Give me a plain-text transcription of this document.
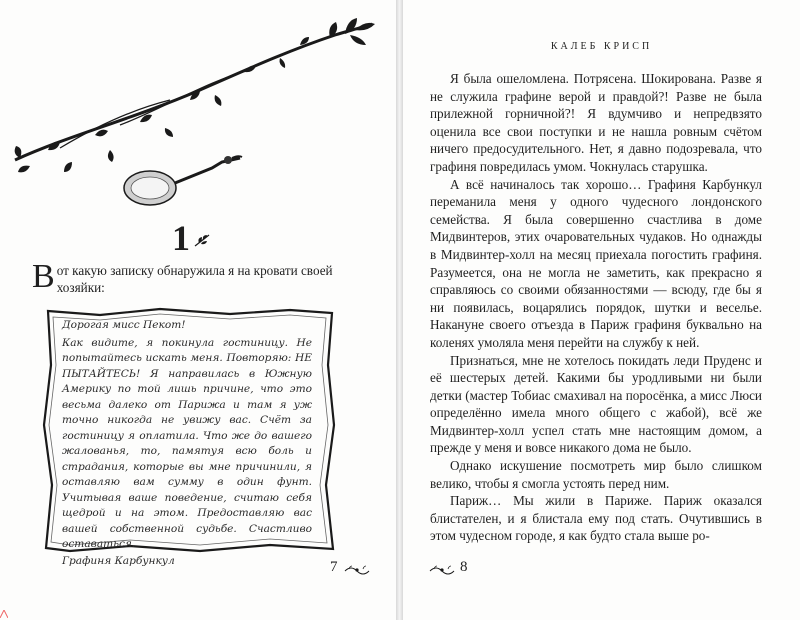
1
Вот какую записку обнаружила я на кровати своей хозяйки:

Дорогая мисс Пекот!

Как видите, я покинула гостиницу. Не попытайтесь искать меня. Повторяю: НЕ ПЫТАЙТЕСЬ! Я направилась в Южную Америку по той лишь причине, что это весьма далеко от Парижа и там я уж точно никогда не увижу вас. Счёт за гостиницу я оплатила. Что же до вашего жалованья, то, памятуя всю боль и страдания, которые вы мне причинили, я оставляю вам сумму в один фунт. Учитывая ваше поведение, считаю себя щедрой и на этом. Предоставляю вас вашей собственной судьбе. Счастливо оставаться.

Графиня Карбункул	7
КАЛЕБ КРИСП

Я была ошеломлена. Потрясена. Шокирована. Разве я не служила графине верой и правдой?! Разве не была прилежной горничной?! Я вдумчиво и непредвзято оценила все свои поступки и не нашла ровным счётом ничего предосудительного. Нет, я давно подозревала, что графиня повредилась умом. Чокнулась старушка.

А всё начиналось так хорошо… Графиня Карбункул переманила меня у одного чудесного лондонского семейства. Я была совершенно счастлива в доме Мидвинтеров, этих очаровательных чудаков. Но однажды в Мидвинтер-холл на месяц приехала погостить графиня. Разумеется, она не могла не заметить, как прекрасно я справляюсь со своими обязанностями — всюду, где бы я ни появилась, воцарялись порядок, шутки и веселье. Накануне своего отъезда в Париж графиня буквально на коленях умоляла меня перейти на службу к ней.

Признаться, мне не хотелось покидать леди Пруденс и её шестерых детей. Какими бы уродливыми ни были детки (мастер Тобиас смахивал на поросёнка, а мисс Люси определённо имела много общего с жабой), всё же Мидвинтер-холл успел стать мне настоящим домом, а прежде у меня и вовсе никакого дома не было.

Однако искушение посмотреть мир было слишком велико, чтобы я смогла устоять перед ним.

Париж… Мы жили в Париже. Париж оказался блистателен, и я блистала ему под стать. Очутившись в этом чудесном городе, я как будто стала выше ро-

8
